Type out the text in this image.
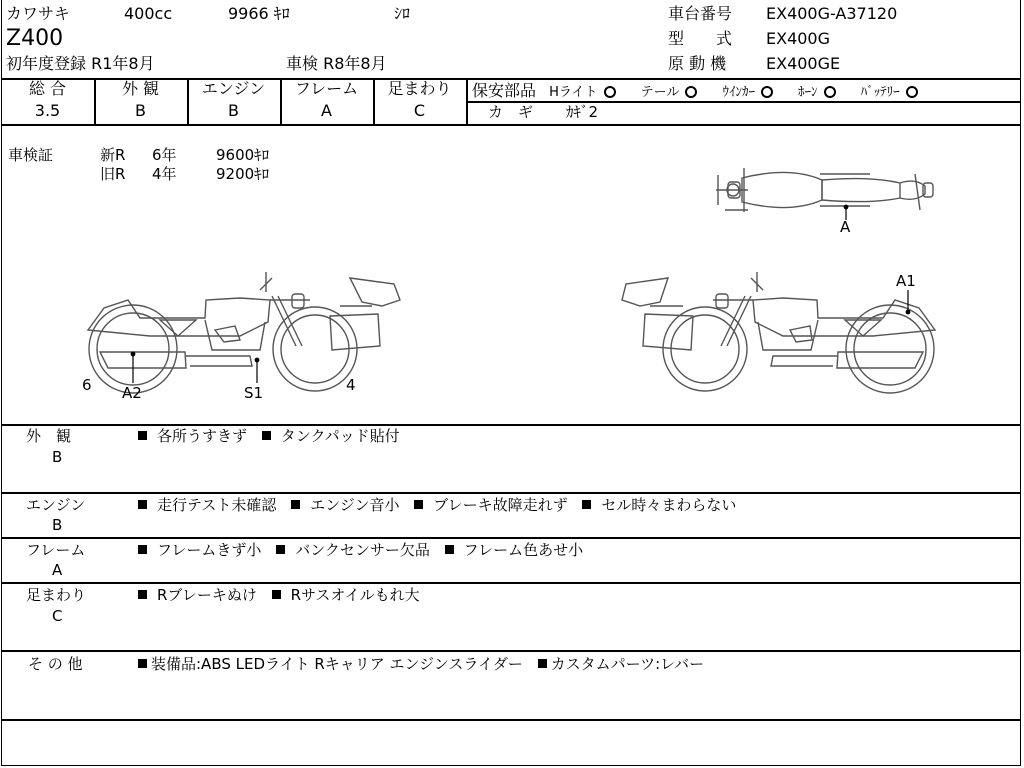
カワサキ	400cc	9966 ｷﾛ	ｼﾛ
Z400
初年度登録 R1年8月	車検 R8年8月
車台番号 EX400G-A37120
型　　式 EX400G
原 動 機 EX400GE
総 合
3.5
外 観
B
エンジン
B
フレーム
A
足まわり
C
保安部品 Hライト	テール	ｳｲﾝｶｰ	ﾎｰﾝ	ﾊﾞｯﾃﾘｰ
カ　ギ ｶｷﾞ2
車検証	新R 6年	9600ｷﾛ
旧R 4年	9200ｷﾛ
A
A1
6 A2	S1	4
外　観
B
各所うすきず タンクパッド貼付
エンジン
B
走行テスト未確認 エンジン音小 ブレーキ故障走れず セル時々まわらない
フレーム
A
フレームきず小 バンクセンサー欠品 フレーム色あせ小
足まわり
C
Rブレーキぬけ Rサスオイルもれ大
そ の 他	装備品:ABS LEDライト Rキャリア エンジンスライダー カスタムパーツ:レバー
